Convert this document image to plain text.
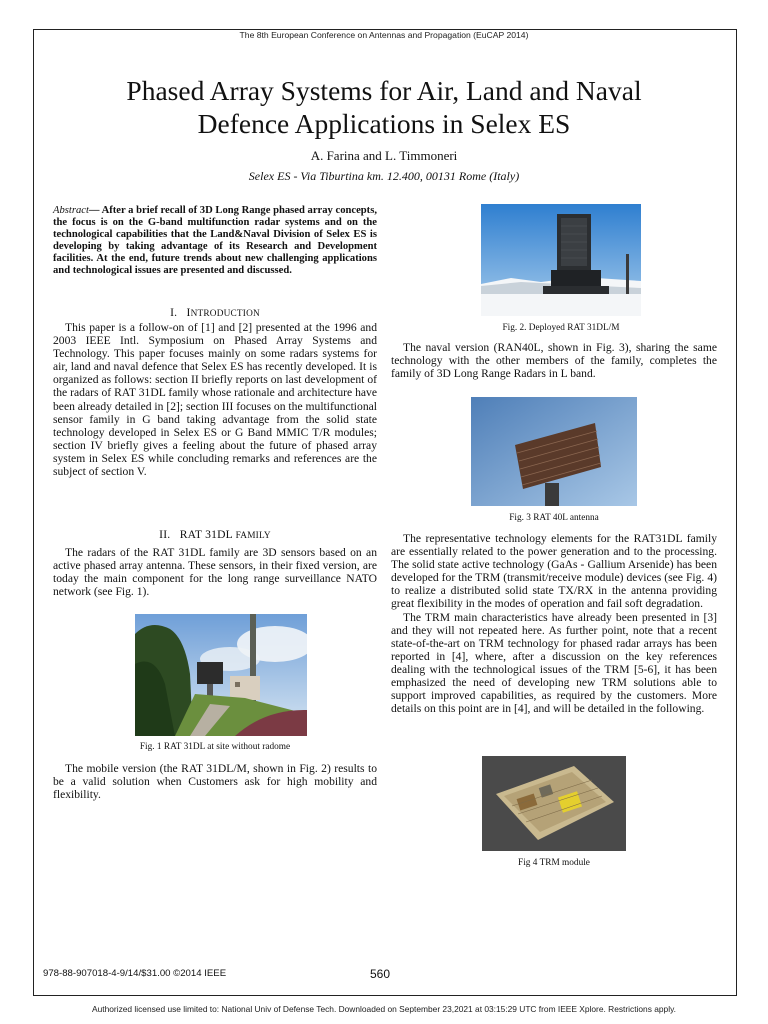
The 8th European Conference on Antennas and Propagation (EuCAP 2014)
Phased Array Systems for Air, Land and Naval
Defence Applications in Selex ES
A. Farina and L. Timmoneri
Selex ES - Via Tiburtina km. 12.400, 00131 Rome (Italy)
Abstract— After a brief recall of 3D Long Range phased array concepts, the focus is on the G-band multifunction radar systems and on the technological capabilities that the Land&Naval Division of Selex ES is developing by taking advantage of its Research and Development facilities. At the end, future trends about new challenging applications and technological issues are presented and discussed.
I. INTRODUCTION

This paper is a follow-on of [1] and [2] presented at the 1996 and 2003 IEEE Intl. Symposium on Phased Array Systems and Technology. This paper focuses mainly on some radars systems for air, land and naval defence that Selex ES has recently developed. It is organized as follows: section II briefly reports on last development of the radars of RAT 31DL family whose rationale and architecture have been already detailed in [2]; section III focuses on the multifunctional sensor family in G band taking advantage from the solid state technology developed in Selex ES or G Band MMIC T/R modules; section IV briefly gives a feeling about the future of phased array system in Selex ES while concluding remarks and references are the subject of section V.

II. RAT 31DL FAMILY

The radars of the RAT 31DL family are 3D sensors based on an active phased array antenna. These sensors, in their fixed version, are today the main component for the long range surveillance NATO network (see Fig. 1).

Fig. 1 RAT 31DL at site without radome

The mobile version (the RAT 31DL/M, shown in Fig. 2) results to be a valid solution when Customers ask for high mobility and flexibility.

Fig. 2. Deployed RAT 31DL/M

The naval version (RAN40L, shown in Fig. 3), sharing the same technology with the other members of the family, completes the family of 3D Long Range Radars in L band.

Fig. 3 RAT 40L antenna

The representative technology elements for the RAT31DL family are essentially related to the power generation and to the processing. The solid state active technology (GaAs - Gallium Arsenide) has been developed for the TRM (transmit/receive module) devices (see Fig. 4) to realize a distributed solid state TX/RX in the antenna providing great flexibility in the modes of operation and fail soft degradation.

The TRM main characteristics have already been presented in [3] and they will not repeated here. As further point, note that a recent state-of-the-art on TRM technology for phased radar arrays has been reported in [4], where, after a discussion on the key references dealing with the technological issues of the TRM [5-6], it has been emphasized the need of developing new TRM solutions able to support improved capabilities, as required by the customers. More details on this point are in [4], and will be detailed in the following.

Fig 4 TRM module
978-88-907018-4-9/14/$31.00 ©2014 IEEE	560
Authorized licensed use limited to: National Univ of Defense Tech. Downloaded on September 23,2021 at 03:15:29 UTC from IEEE Xplore. Restrictions apply.
